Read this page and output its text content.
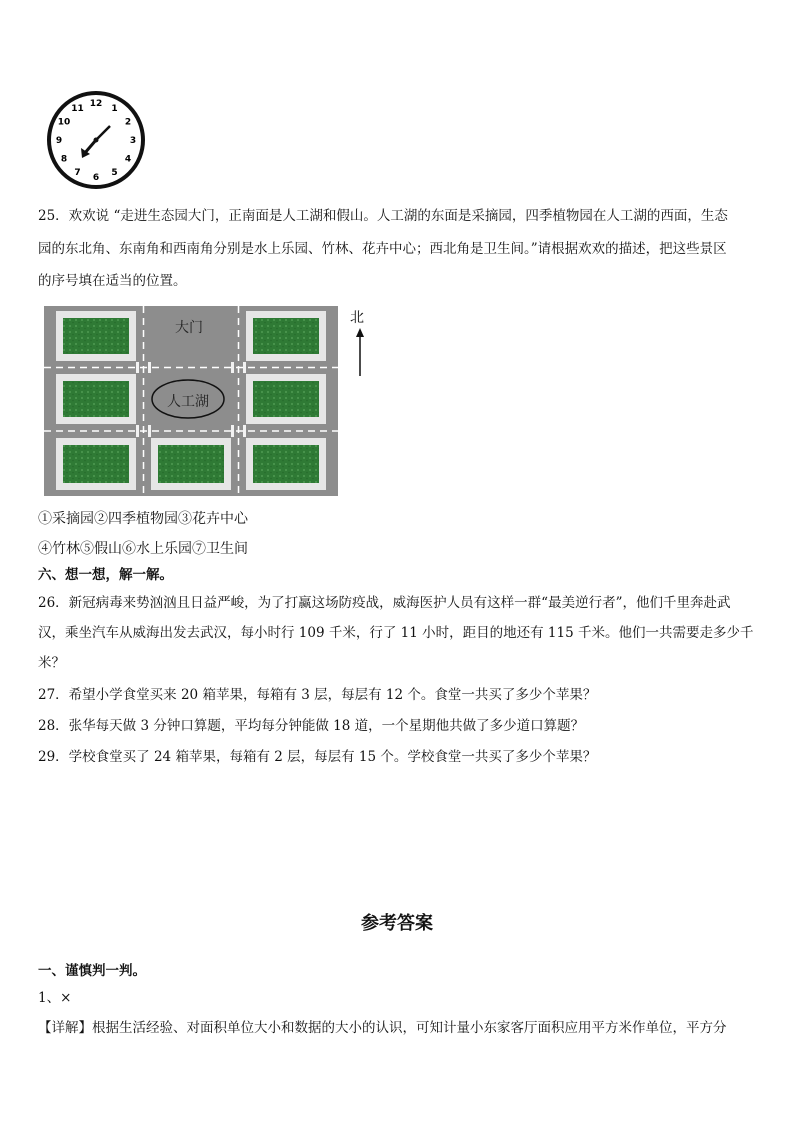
12 1
2
3
4
5
6
7
8
9
10
11
25．欢欢说 “走进生态园大门，正南面是人工湖和假山。人工湖的东面是采摘园，四季植物园在人工湖的西面，生态
园的东北角、东南角和西南角分别是水上乐园、竹林、花卉中心；西北角是卫生间。”请根据欢欢的描述，把这些景区
的序号填在适当的位置。
大门
人工湖
北
①采摘园②四季植物园③花卉中心
④竹林⑤假山⑥水上乐园⑦卫生间
六、想一想，解一解。
26．新冠病毒来势汹汹且日益严峻，为了打赢这场防疫战，威海医护人员有这样一群“最美逆行者”，他们千里奔赴武
汉，乘坐汽车从威海出发去武汉，每小时行 109 千米，行了 11 小时，距目的地还有 115 千米。他们一共需要走多少千
米？
27．希望小学食堂买来 20 箱苹果，每箱有 3 层，每层有 12 个。食堂一共买了多少个苹果？
28．张华每天做 3 分钟口算题，平均每分钟能做 18 道，一个星期他共做了多少道口算题？
29．学校食堂买了 24 箱苹果，每箱有 2 层，每层有 15 个。学校食堂一共买了多少个苹果？
参考答案
一、谨慎判一判。
1、×
【详解】根据生活经验、对面积单位大小和数据的大小的认识，可知计量小东家客厅面积应用平方米作单位，平方分
